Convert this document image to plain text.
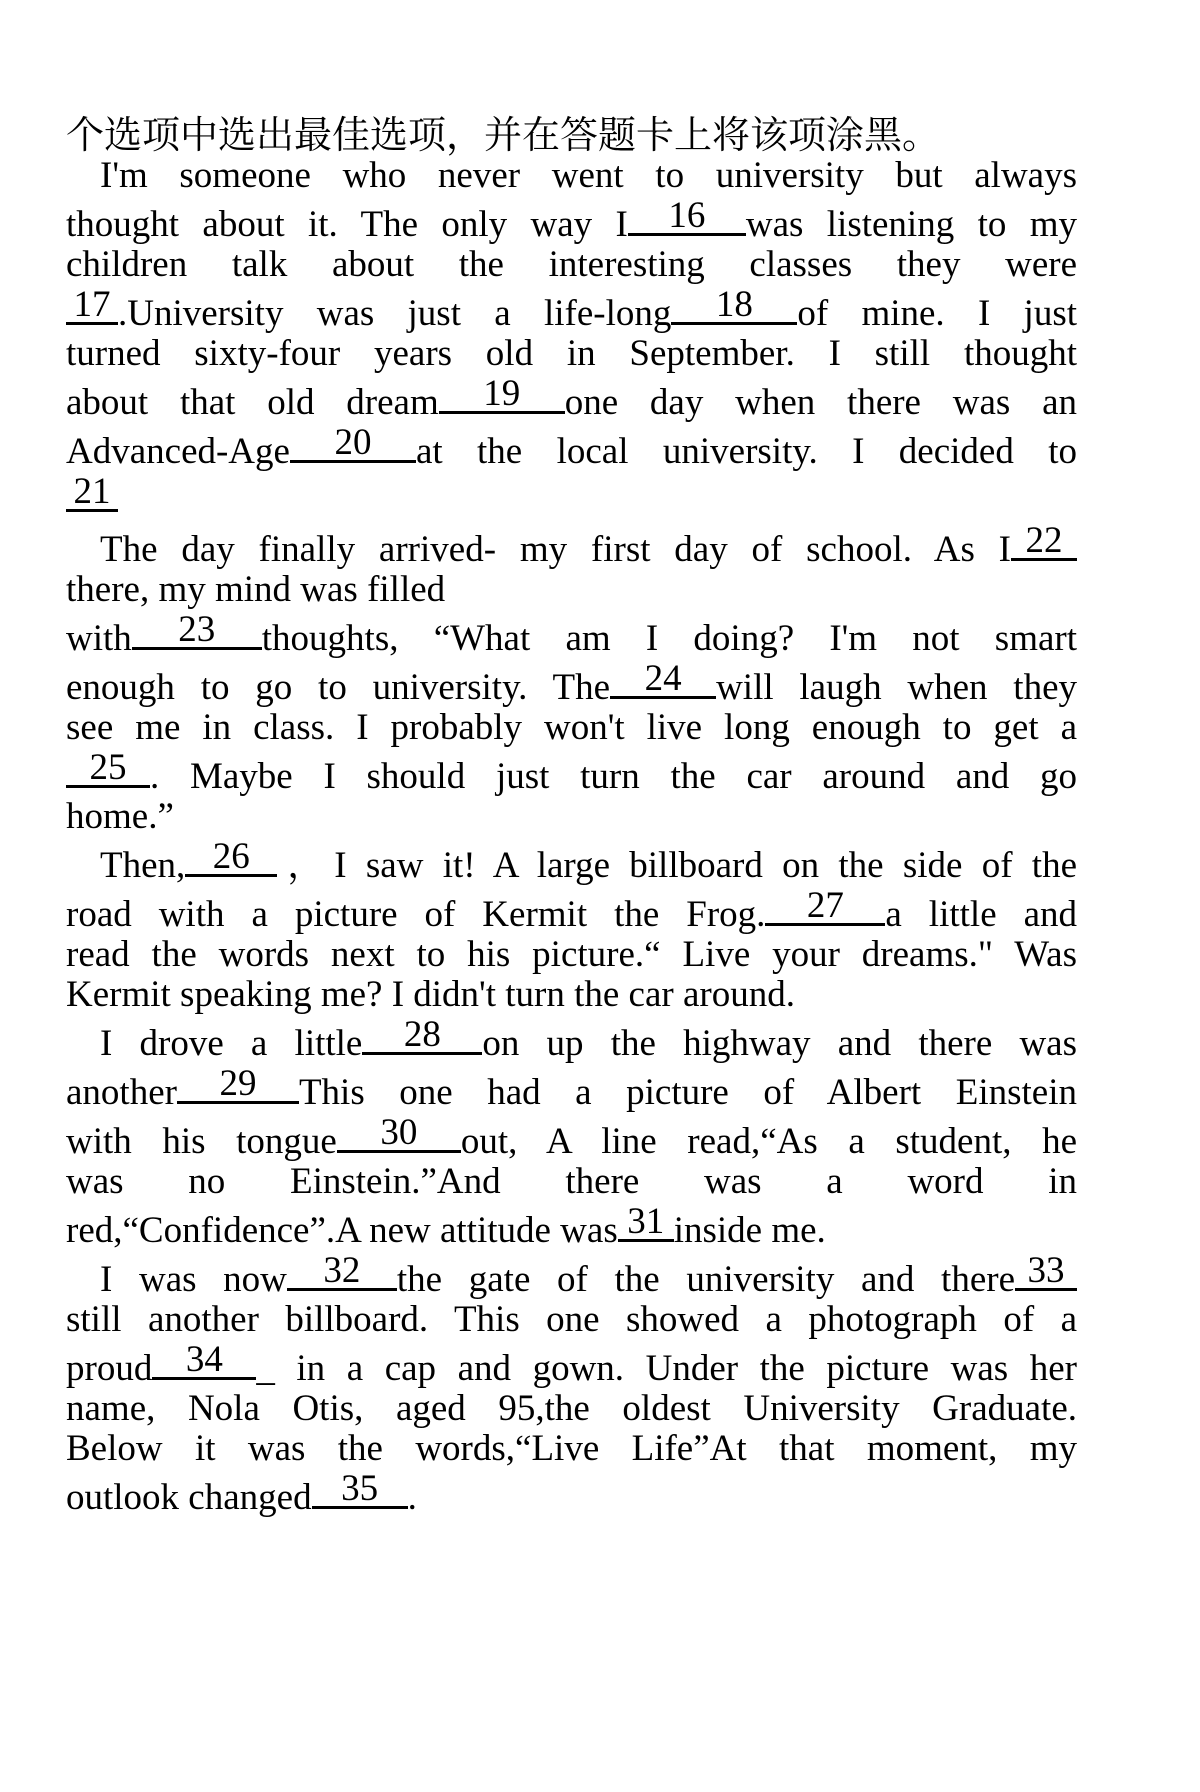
个选项中选出最佳选项，并在答题卡上将该项涂黑。
I'm someone who never went to university but always
thought about it. The only way I 16 was listening to my
children talk about the interesting classes they were
17 .University was just a life-long 18 of mine. I just
turned sixty-four years old in September. I still thought
about that old dream 19 one day when there was an
Advanced-Age 20 at the local university. I decided to
21
The day finally arrived- my first day of school. As I 22
there, my mind was filled
with 23 thoughts, “What am I doing? I'm not smart
enough to go to university. The 24 will laugh when they
see me in class. I probably won't live long enough to get a
25 . Maybe I should just turn the car around and go
home.”
Then, 26 ，I saw it! A large billboard on the side of the
road with a picture of Kermit the Frog. 27 a little and
read the words next to his picture.“ Live your dreams." Was
Kermit speaking me? I didn't turn the car around.
I drove a little 28 on up the highway and there was
another 29 This one had a picture of Albert Einstein
with his tongue 30 out, A line read,“As a student, he
was no Einstein.”And there was a word in
red,“Confidence”.A new attitude was 31 inside me.
I was now 32 the gate of the university and there 33
still another billboard. This one showed a photograph of a
proud 34 _ in a cap and gown. Under the picture was her
name, Nola Otis, aged 95,the oldest University Graduate.
Below it was the words,“Live Life”At that moment, my
outlook changed 35 .
